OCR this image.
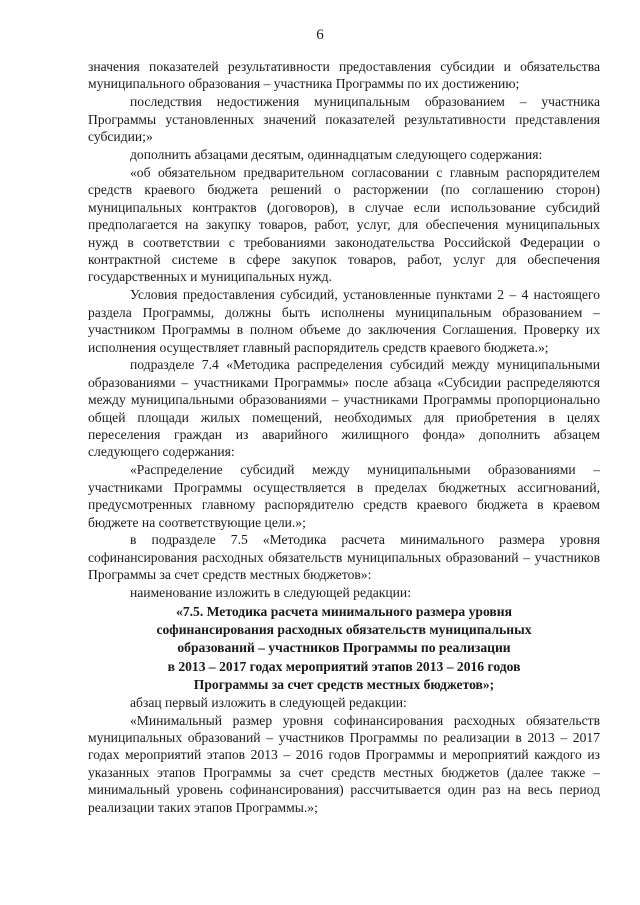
6

значения показателей результативности предоставления субсидии и обязательства муниципального образования – участника Программы по их достижению;

последствия недостижения муниципальным образованием – участника Программы установленных значений показателей результативности представления субсидии;»

дополнить абзацами десятым, одиннадцатым следующего содержания:

«об обязательном предварительном согласовании с главным распорядителем средств краевого бюджета решений о расторжении (по соглашению сторон) муниципальных контрактов (договоров), в случае если использование субсидий предполагается на закупку товаров, работ, услуг, для обеспечения муниципальных нужд в соответствии с требованиями законодательства Российской Федерации о контрактной системе в сфере закупок товаров, работ, услуг для обеспечения государственных и муниципальных нужд.

Условия предоставления субсидий, установленные пунктами 2 – 4 настоящего раздела Программы, должны быть исполнены муниципальным образованием – участником Программы в полном объеме до заключения Соглашения. Проверку их исполнения осуществляет главный распорядитель средств краевого бюджета.»;

подразделе 7.4 «Методика распределения субсидий между муниципальными образованиями – участниками Программы» после абзаца «Субсидии распределяются между муниципальными образованиями – участниками Программы пропорционально общей площади жилых помещений, необходимых для приобретения в целях переселения граждан из аварийного жилищного фонда» дополнить абзацем следующего содержания:

«Распределение субсидий между муниципальными образованиями – участниками Программы осуществляется в пределах бюджетных ассигнований, предусмотренных главному распорядителю средств краевого бюджета в краевом бюджете на соответствующие цели.»;

в подразделе 7.5 «Методика расчета минимального размера уровня софинансирования расходных обязательств муниципальных образований – участников Программы за счет средств местных бюджетов»:

наименование изложить в следующей редакции:

«7.5. Методика расчета минимального размера уровня
софинансирования расходных обязательств муниципальных
образований – участников Программы по реализации
в 2013 – 2017 годах мероприятий этапов 2013 – 2016 годов
Программы за счет средств местных бюджетов»;

абзац первый изложить в следующей редакции:

«Минимальный размер уровня софинансирования расходных обязательств муниципальных образований – участников Программы по реализации в 2013 – 2017 годах мероприятий этапов 2013 – 2016 годов Программы и мероприятий каждого из указанных этапов Программы за счет средств местных бюджетов (далее также – минимальный уровень софинансирования) рассчитывается один раз на весь период реализации таких этапов Программы.»;
